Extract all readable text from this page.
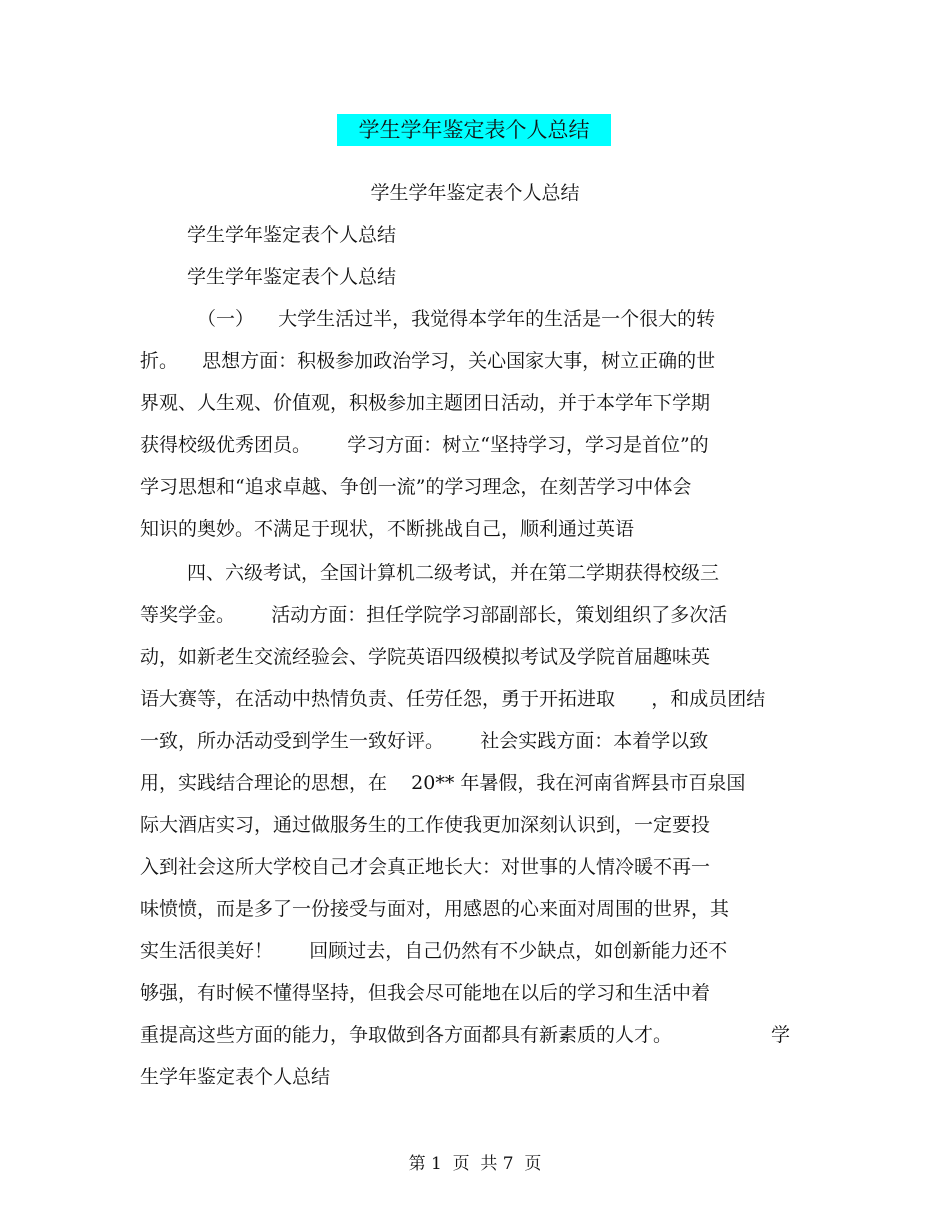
学生学年鉴定表个人总结
学生学年鉴定表个人总结
学生学年鉴定表个人总结
学生学年鉴定表个人总结
（一）    大学生活过半，我觉得本学年的生活是一个很大的转
折。    思想方面：积极参加政治学习，关心国家大事，树立正确的世
界观、人生观、价值观，积极参加主题团日活动，并于本学年下学期
获得校级优秀团员。      学习方面：树立“坚持学习，学习是首位”的
学习思想和“追求卓越、争创一流”的学习理念，在刻苦学习中体会
知识的奥妙。不满足于现状，不断挑战自己，顺利通过英语
四、六级考试，全国计算机二级考试，并在第二学期获得校级三
等奖学金。      活动方面：担任学院学习部副部长，策划组织了多次活
动，如新老生交流经验会、学院英语四级模拟考试及学院首届趣味英
语大赛等，在活动中热情负责、任劳任怨，勇于开拓进取      ，和成员团结
一致，所办活动受到学生一致好评。      社会实践方面：本着学以致
用，实践结合理论的思想，在    20** 年暑假，我在河南省辉县市百泉国
际大酒店实习，通过做服务生的工作使我更加深刻认识到，一定要投
入到社会这所大学校自己才会真正地长大：对世事的人情冷暖不再一
味愤愤，而是多了一份接受与面对，用感恩的心来面对周围的世界，其
实生活很美好！      回顾过去，自己仍然有不少缺点，如创新能力还不
够强，有时候不懂得坚持，但我会尽可能地在以后的学习和生活中着
重提高这些方面的能力，争取做到各方面都具有新素质的人才。	学
生学年鉴定表个人总结
第 1  页  共 7  页
